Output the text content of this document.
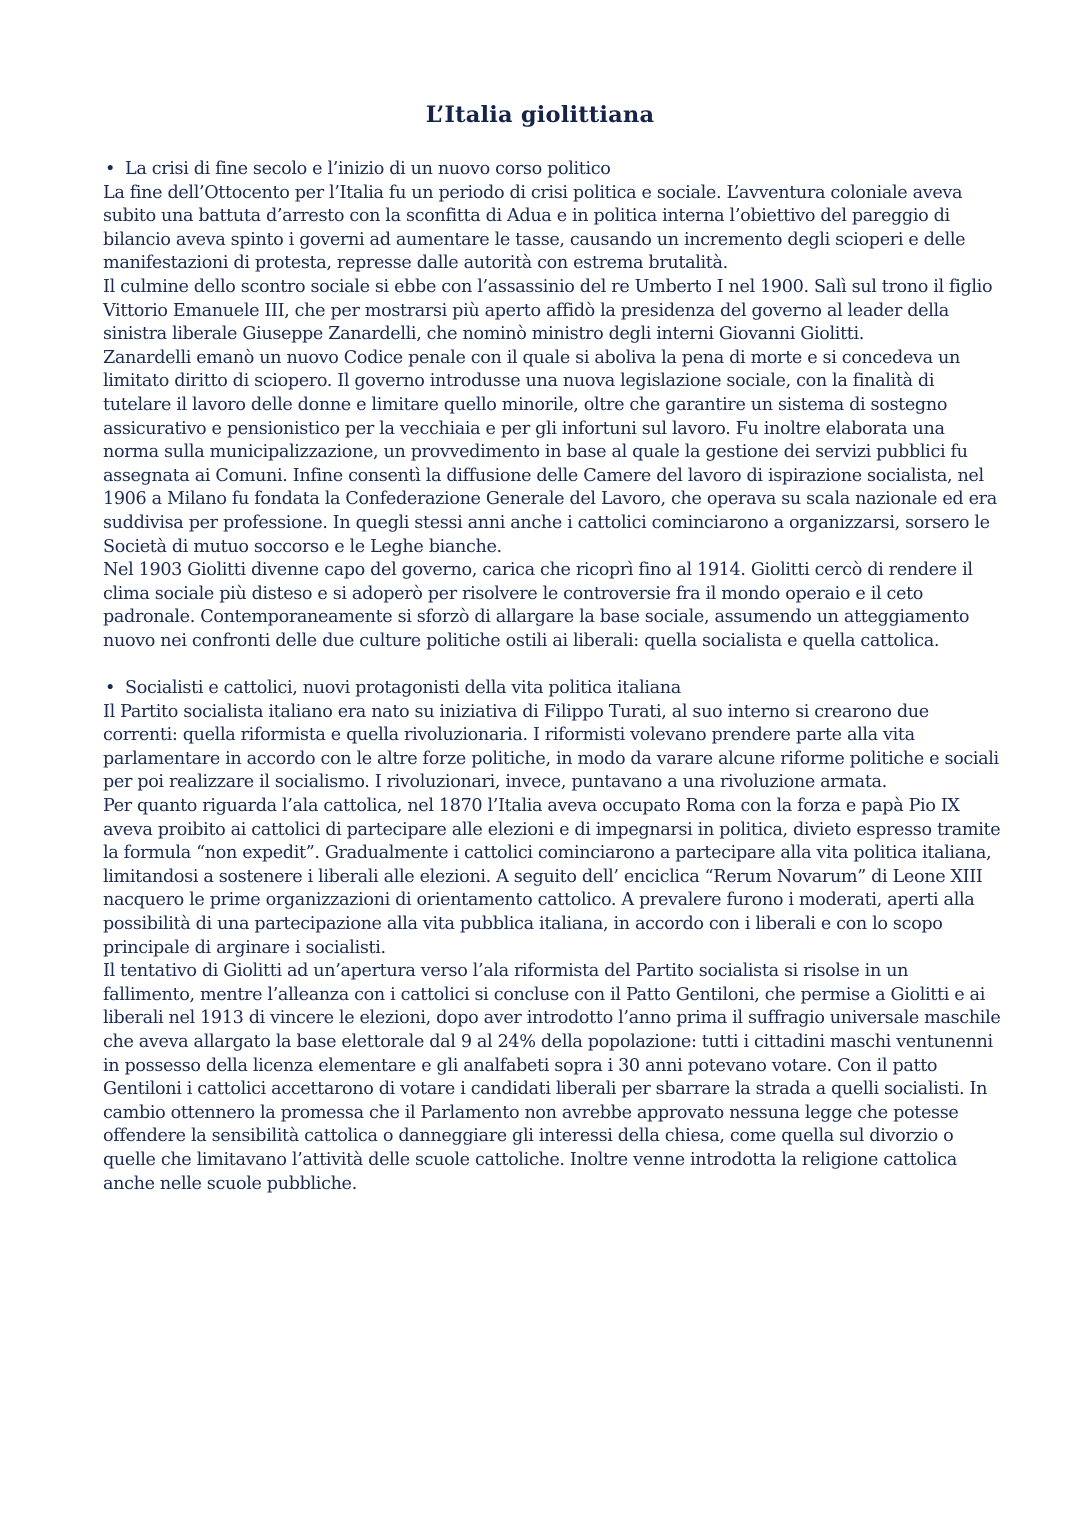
L’Italia giolittiana

• La crisi di fine secolo e l’inizio di un nuovo corso politico

La fine dell’Ottocento per l’Italia fu un periodo di crisi politica e sociale. L’avventura coloniale aveva subito una battuta d’arresto con la sconfitta di Adua e in politica interna l’obiettivo del pareggio di bilancio aveva spinto i governi ad aumentare le tasse, causando un incremento degli scioperi e delle manifestazioni di protesta, represse dalle autorità con estrema brutalità.

Il culmine dello scontro sociale si ebbe con l’assassinio del re Umberto I nel 1900. Salì sul trono il figlio Vittorio Emanuele III, che per mostrarsi più aperto affidò la presidenza del governo al leader della sinistra liberale Giuseppe Zanardelli, che nominò ministro degli interni Giovanni Giolitti.

Zanardelli emanò un nuovo Codice penale con il quale si aboliva la pena di morte e si concedeva un limitato diritto di sciopero. Il governo introdusse una nuova legislazione sociale, con la finalità di tutelare il lavoro delle donne e limitare quello minorile, oltre che garantire un sistema di sostegno assicurativo e pensionistico per la vecchiaia e per gli infortuni sul lavoro. Fu inoltre elaborata una norma sulla municipalizzazione, un provvedimento in base al quale la gestione dei servizi pubblici fu assegnata ai Comuni. Infine consentì la diffusione delle Camere del lavoro di ispirazione socialista, nel 1906 a Milano fu fondata la Confederazione Generale del Lavoro, che operava su scala nazionale ed era suddivisa per professione. In quegli stessi anni anche i cattolici cominciarono a organizzarsi, sorsero le Società di mutuo soccorso e le Leghe bianche.

Nel 1903 Giolitti divenne capo del governo, carica che ricoprì fino al 1914. Giolitti cercò di rendere il clima sociale più disteso e si adoperò per risolvere le controversie fra il mondo operaio e il ceto padronale. Contemporaneamente si sforzò di allargare la base sociale, assumendo un atteggiamento nuovo nei confronti delle due culture politiche ostili ai liberali: quella socialista e quella cattolica.

• Socialisti e cattolici, nuovi protagonisti della vita politica italiana

Il Partito socialista italiano era nato su iniziativa di Filippo Turati, al suo interno si crearono due correnti: quella riformista e quella rivoluzionaria. I riformisti volevano prendere parte alla vita parlamentare in accordo con le altre forze politiche, in modo da varare alcune riforme politiche e sociali per poi realizzare il socialismo. I rivoluzionari, invece, puntavano a una rivoluzione armata.

Per quanto riguarda l’ala cattolica, nel 1870 l’Italia aveva occupato Roma con la forza e papà Pio IX aveva proibito ai cattolici di partecipare alle elezioni e di impegnarsi in politica, divieto espresso tramite la formula “non expedit”. Gradualmente i cattolici cominciarono a partecipare alla vita politica italiana, limitandosi a sostenere i liberali alle elezioni. A seguito dell’ enciclica “Rerum Novarum” di Leone XIII nacquero le prime organizzazioni di orientamento cattolico. A prevalere furono i moderati, aperti alla possibilità di una partecipazione alla vita pubblica italiana, in accordo con i liberali e con lo scopo principale di arginare i socialisti.

Il tentativo di Giolitti ad un’apertura verso l’ala riformista del Partito socialista si risolse in un fallimento, mentre l’alleanza con i cattolici si concluse con il Patto Gentiloni, che permise a Giolitti e ai liberali nel 1913 di vincere le elezioni, dopo aver introdotto l’anno prima il suffragio universale maschile che aveva allargato la base elettorale dal 9 al 24% della popolazione: tutti i cittadini maschi ventunenni in possesso della licenza elementare e gli analfabeti sopra i 30 anni potevano votare. Con il patto Gentiloni i cattolici accettarono di votare i candidati liberali per sbarrare la strada a quelli socialisti. In cambio ottennero la promessa che il Parlamento non avrebbe approvato nessuna legge che potesse offendere la sensibilità cattolica o danneggiare gli interessi della chiesa, come quella sul divorzio o quelle che limitavano l’attività delle scuole cattoliche. Inoltre venne introdotta la religione cattolica anche nelle scuole pubbliche.
